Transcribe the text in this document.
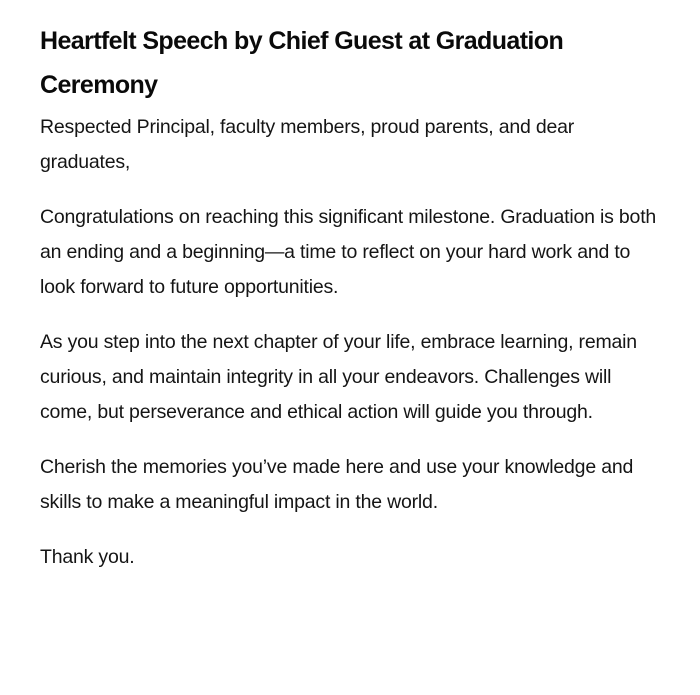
Heartfelt Speech by Chief Guest at Graduation Ceremony

Respected Principal, faculty members, proud parents, and dear graduates,

Congratulations on reaching this significant milestone. Graduation is both an ending and a beginning—a time to reflect on your hard work and to look forward to future opportunities.

As you step into the next chapter of your life, embrace learning, remain curious, and maintain integrity in all your endeavors. Challenges will come, but perseverance and ethical action will guide you through.

Cherish the memories you’ve made here and use your knowledge and skills to make a meaningful impact in the world.

Thank you.
